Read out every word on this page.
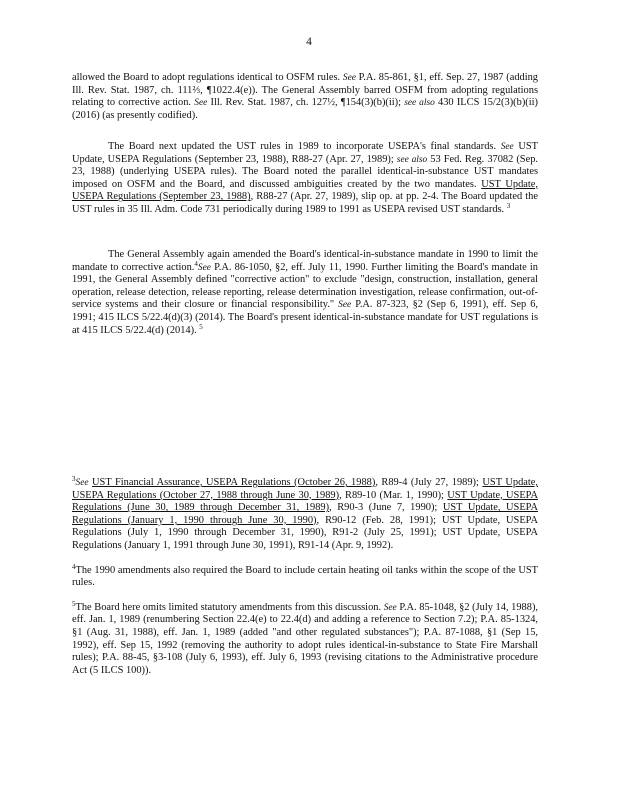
4

allowed the Board to adopt regulations identical to OSFM rules. See P.A. 85-861, §1, eff. Sep. 27, 1987 (adding Ill. Rev. Stat. 1987, ch. 111⅔, ¶1022.4(e)). The General Assembly barred OSFM from adopting regulations relating to corrective action. See Ill. Rev. Stat. 1987, ch. 127½, ¶154(3)(b)(ii); see also 430 ILCS 15/2(3)(b)(ii) (2016) (as presently codified).

The Board next updated the UST rules in 1989 to incorporate USEPA's final standards. See UST Update, USEPA Regulations (September 23, 1988), R88-27 (Apr. 27, 1989); see also 53 Fed. Reg. 37082 (Sep. 23, 1988) (underlying USEPA rules). The Board noted the parallel identical-in-substance UST mandates imposed on OSFM and the Board, and discussed ambiguities created by the two mandates. UST Update, USEPA Regulations (September 23, 1988), R88-27 (Apr. 27, 1989), slip op. at pp. 2-4. The Board updated the UST rules in 35 Ill. Adm. Code 731 periodically during 1989 to 1991 as USEPA revised UST standards. $^3$

The General Assembly again amended the Board's identical-in-substance mandate in 1990 to limit the mandate to corrective action.$^4$See P.A. 86-1050, §2, eff. July 11, 1990. Further limiting the Board's mandate in 1991, the General Assembly defined "corrective action" to exclude "design, construction, installation, general operation, release detection, release reporting, release determination investigation, release confirmation, out-of-service systems and their closure or financial responsibility." See P.A. 87-323, §2 (Sep 6, 1991), eff. Sep 6, 1991; 415 ILCS 5/22.4(d)(3) (2014). The Board's present identical-in-substance mandate for UST regulations is at 415 ILCS 5/22.4(d) (2014). $^5$

$^3$See UST Financial Assurance, USEPA Regulations (October 26, 1988), R89-4 (July 27, 1989); UST Update, USEPA Regulations (October 27, 1988 through June 30, 1989), R89-10 (Mar. 1, 1990); UST Update, USEPA Regulations (June 30, 1989 through December 31, 1989), R90-3 (June 7, 1990); UST Update, USEPA Regulations (January 1, 1990 through June 30, 1990), R90-12 (Feb. 28, 1991); UST Update, USEPA Regulations (July 1, 1990 through December 31, 1990), R91-2 (July 25, 1991); UST Update, USEPA Regulations (January 1, 1991 through June 30, 1991), R91-14 (Apr. 9, 1992).

$^4$The 1990 amendments also required the Board to include certain heating oil tanks within the scope of the UST rules.

$^5$The Board here omits limited statutory amendments from this discussion. See P.A. 85-1048, §2 (July 14, 1988), eff. Jan. 1, 1989 (renumbering Section 22.4(e) to 22.4(d) and adding a reference to Section 7.2); P.A. 85-1324, §1 (Aug. 31, 1988), eff. Jan. 1, 1989 (added "and other regulated substances"); P.A. 87-1088, §1 (Sep 15, 1992), eff. Sep 15, 1992 (removing the authority to adopt rules identical-in-substance to State Fire Marshall rules); P.A. 88-45, §3-108 (July 6, 1993), eff. July 6, 1993 (revising citations to the Administrative procedure Act (5 ILCS 100)).
